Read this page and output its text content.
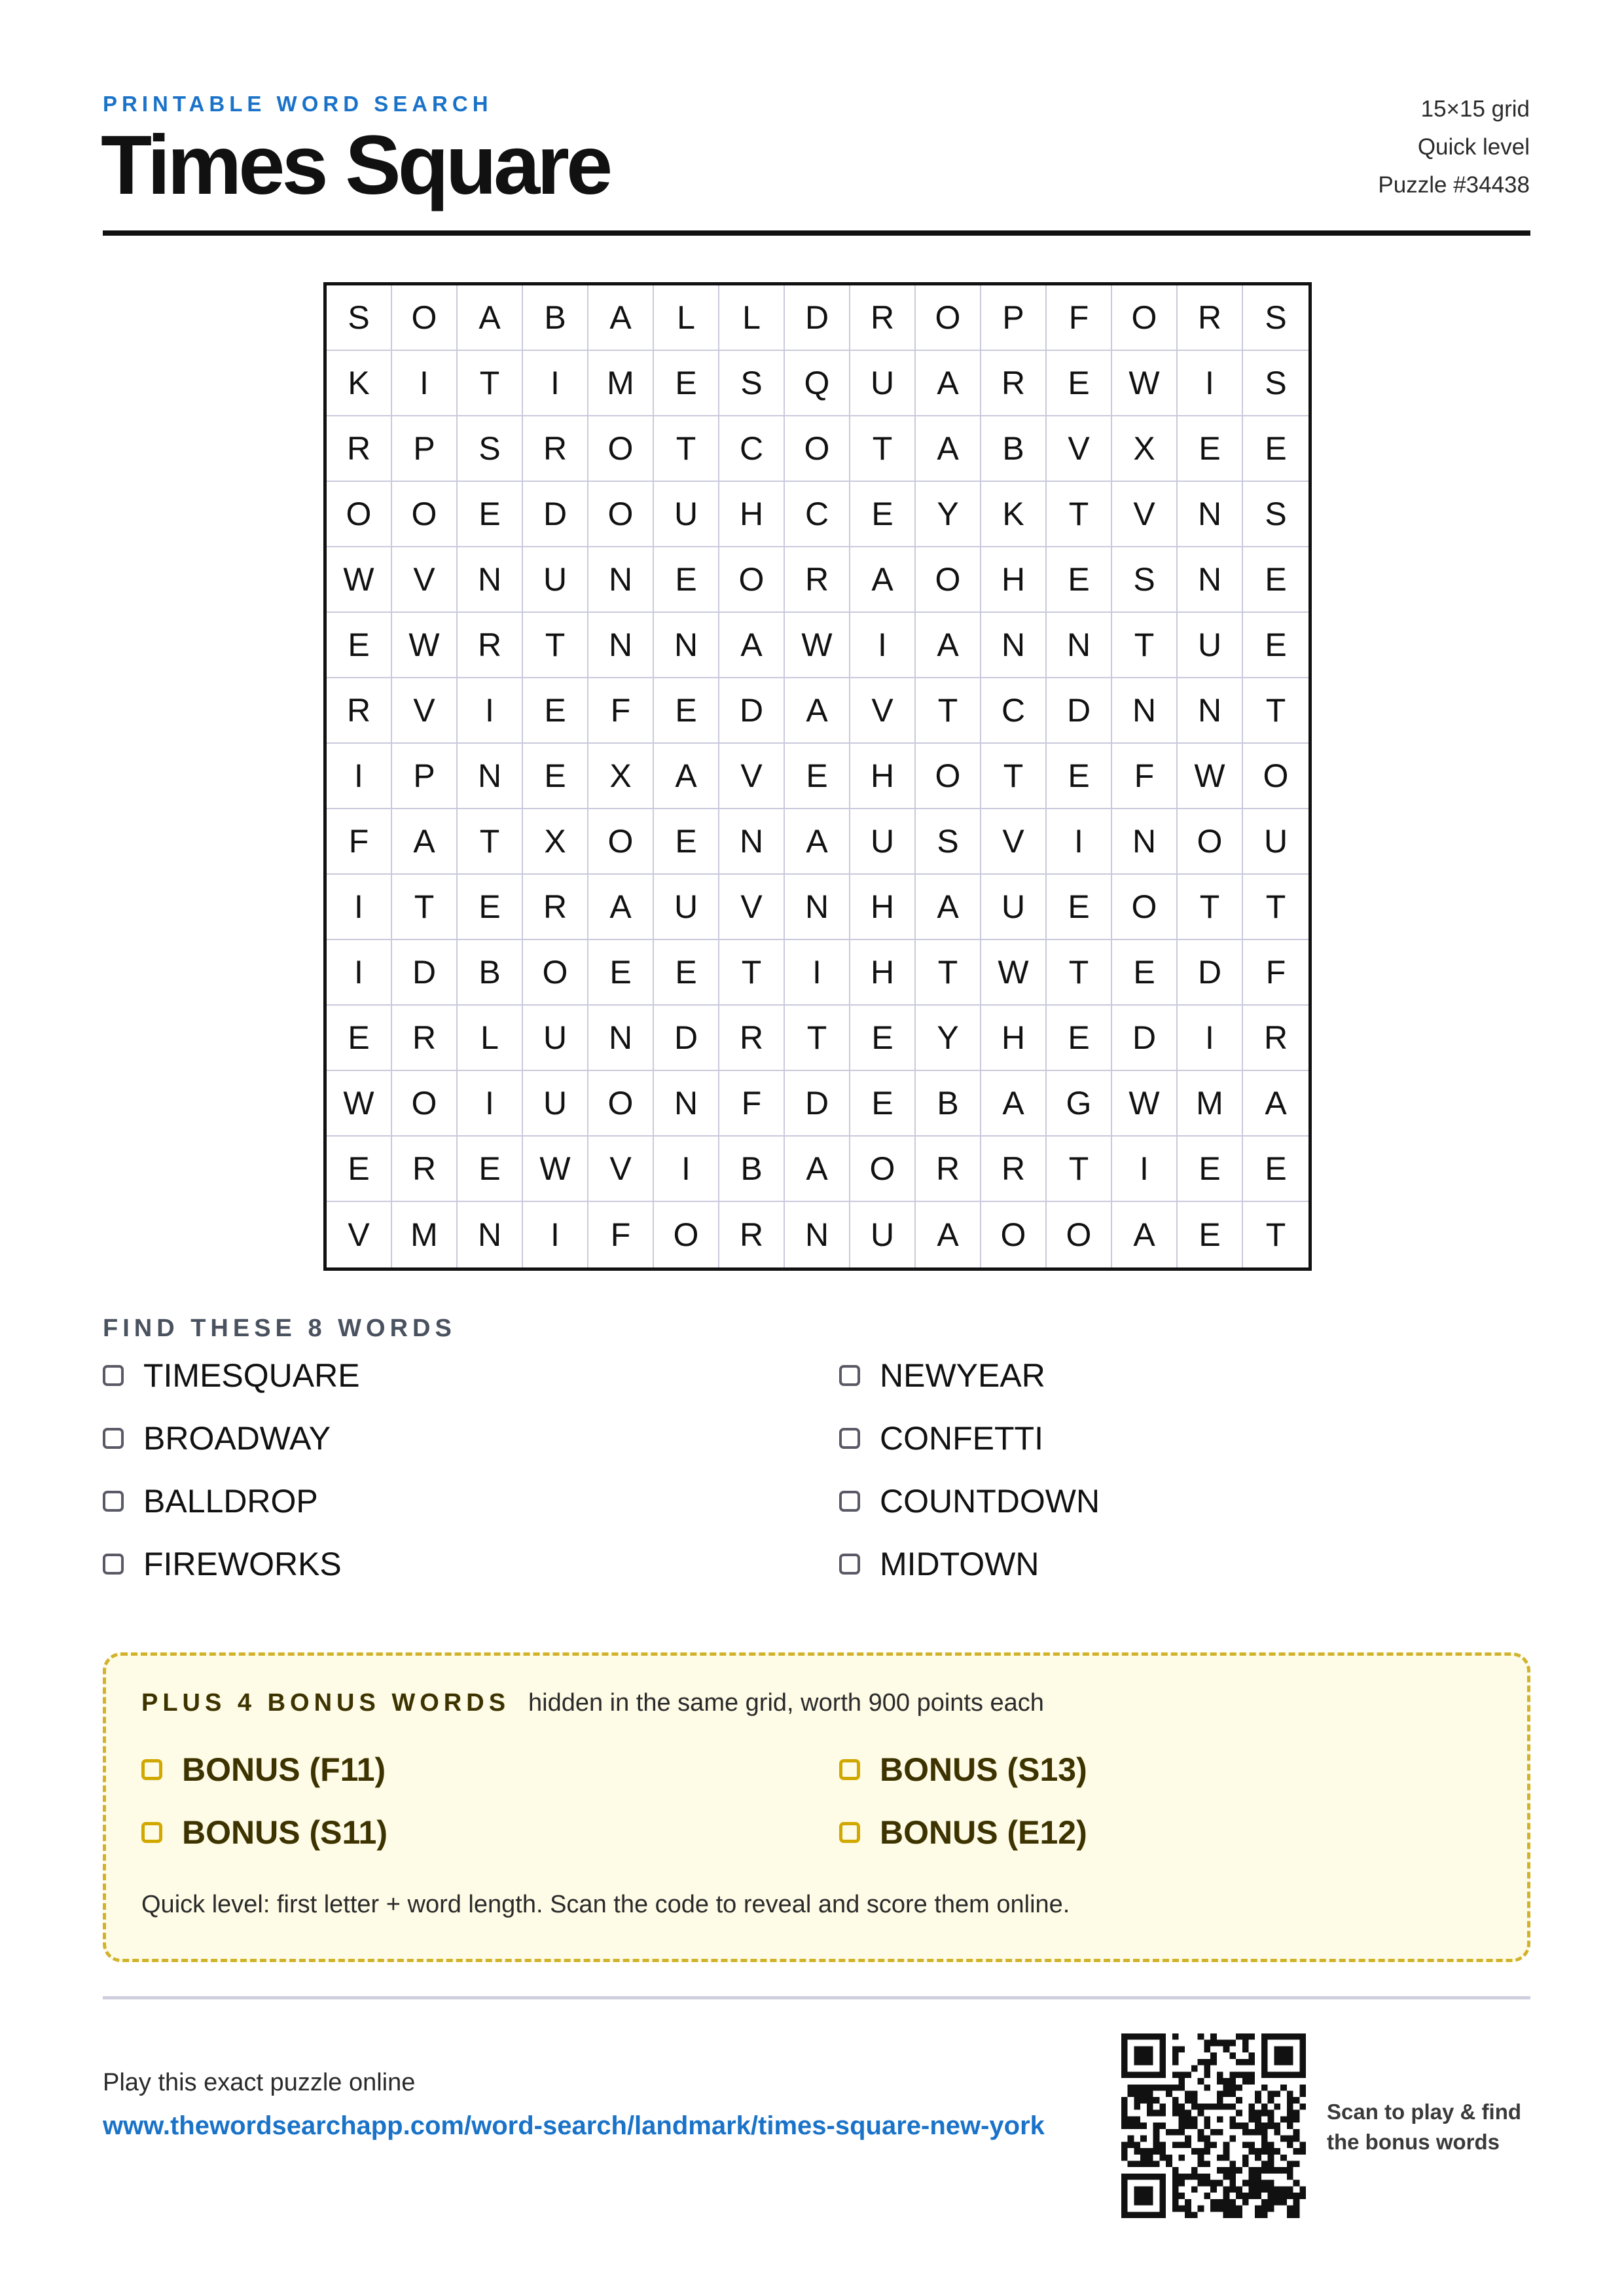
PRINTABLE WORD SEARCH
Times Square
15×15 grid
Quick level
Puzzle #34438
S	O	A	B	A	L	L	D	R	O	P	F	O	R	S
K	I	T	I	M	E	S	Q	U	A	R	E	W	I	S
R	P	S	R	O	T	C	O	T	A	B	V	X	E	E
O	O	E	D	O	U	H	C	E	Y	K	T	V	N	S
W	V	N	U	N	E	O	R	A	O	H	E	S	N	E
E	W	R	T	N	N	A	W	I	A	N	N	T	U	E
R	V	I	E	F	E	D	A	V	T	C	D	N	N	T
I	P	N	E	X	A	V	E	H	O	T	E	F	W	O
F	A	T	X	O	E	N	A	U	S	V	I	N	O	U
I	T	E	R	A	U	V	N	H	A	U	E	O	T	T
I	D	B	O	E	E	T	I	H	T	W	T	E	D	F
E	R	L	U	N	D	R	T	E	Y	H	E	D	I	R
W	O	I	U	O	N	F	D	E	B	A	G	W	M	A
E	R	E	W	V	I	B	A	O	R	R	T	I	E	E
V	M	N	I	F	O	R	N	U	A	O	O	A	E	T
FIND THESE 8 WORDS
TIMESQUARE
BROADWAY
BALLDROP
FIREWORKS
NEWYEAR
CONFETTI
COUNTDOWN
MIDTOWN
PLUS 4 BONUS WORDS hidden in the same grid, worth 900 points each
BONUS (F11)
BONUS (S11)
BONUS (S13)
BONUS (E12)
Quick level: first letter + word length. Scan the code to reveal and score them online.
Play this exact puzzle online
www.thewordsearchapp.com/word-search/landmark/times-square-new-york	Scan to play & find
the bonus words
